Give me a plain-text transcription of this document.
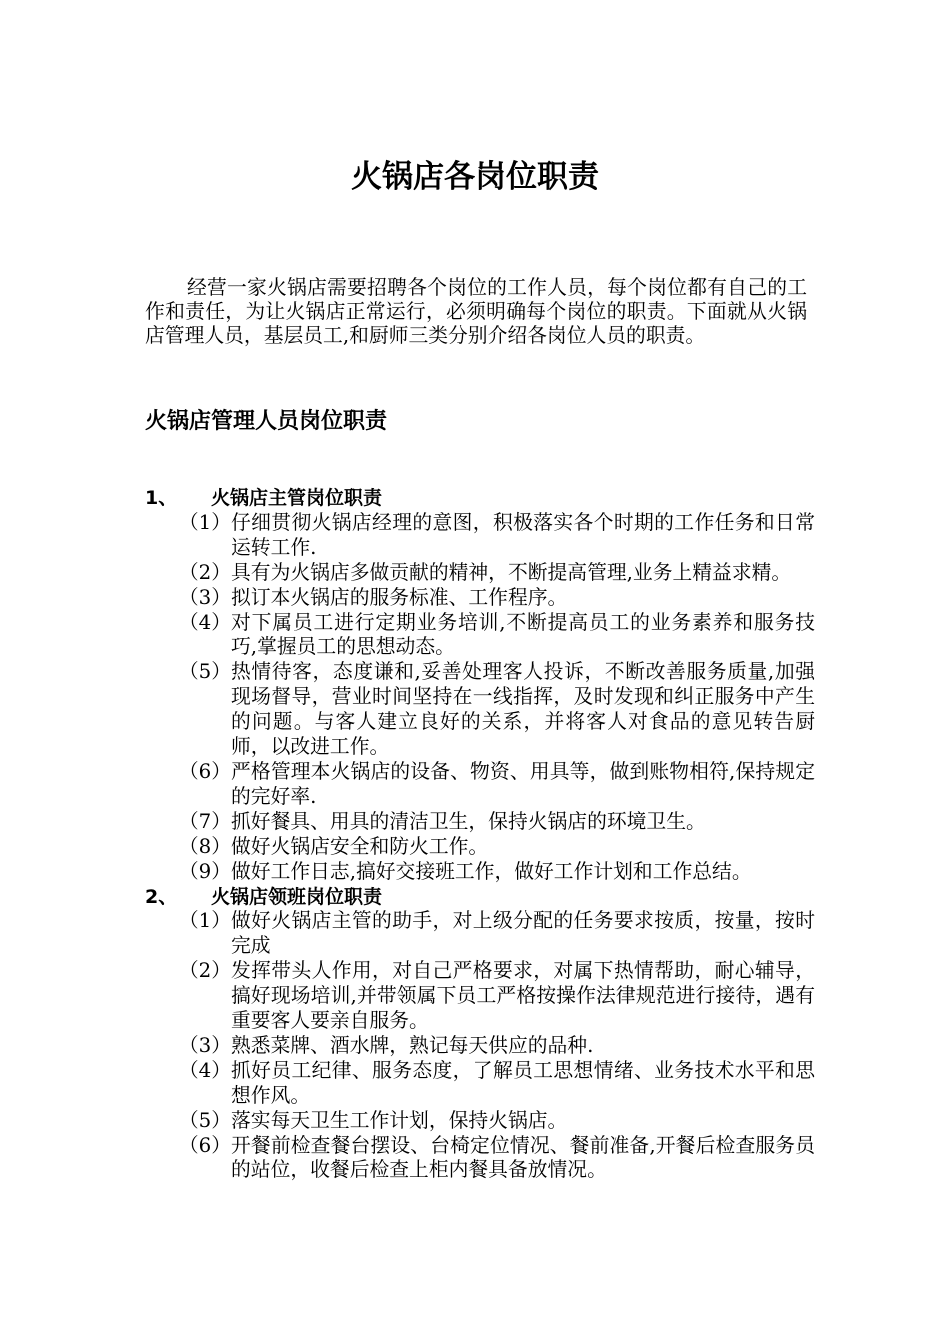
火锅店各岗位职责

经营一家火锅店需要招聘各个岗位的工作人员，每个岗位都有自己的工作和责任，为让火锅店正常运行，必须明确每个岗位的职责。下面就从火锅店管理人员，基层员工,和厨师三类分别介绍各岗位人员的职责。

火锅店管理人员岗位职责
1、	火锅店主管岗位职责
（1） 仔细贯彻火锅店经理的意图，积极落实各个时期的工作任务和日常运转工作.
（2） 具有为火锅店多做贡献的精神，不断提高管理,业务上精益求精。
（3） 拟订本火锅店的服务标准、工作程序。
（4） 对下属员工进行定期业务培训,不断提高员工的业务素养和服务技巧,掌握员工的思想动态。
（5） 热情待客，态度谦和,妥善处理客人投诉，不断改善服务质量,加强现场督导，营业时间坚持在一线指挥，及时发现和纠正服务中产生的问题。与客人建立良好的关系，并将客人对食品的意见转告厨师，以改进工作。
（6） 严格管理本火锅店的设备、物资、用具等，做到账物相符,保持规定的完好率.
（7） 抓好餐具、用具的清洁卫生，保持火锅店的环境卫生。
（8） 做好火锅店安全和防火工作。
（9） 做好工作日志,搞好交接班工作，做好工作计划和工作总结。
2、	火锅店领班岗位职责
（1） 做好火锅店主管的助手，对上级分配的任务要求按质，按量，按时完成
（2） 发挥带头人作用，对自己严格要求，对属下热情帮助，耐心辅导，搞好现场培训,并带领属下员工严格按操作法律规范进行接待，遇有重要客人要亲自服务。
（3） 熟悉菜牌、酒水牌，熟记每天供应的品种.
（4） 抓好员工纪律、服务态度，了解员工思想情绪、业务技术水平和思想作风。
（5） 落实每天卫生工作计划，保持火锅店。
（6） 开餐前检查餐台摆设、台椅定位情况、餐前准备,开餐后检查服务员的站位，收餐后检查上柜内餐具备放情况。
